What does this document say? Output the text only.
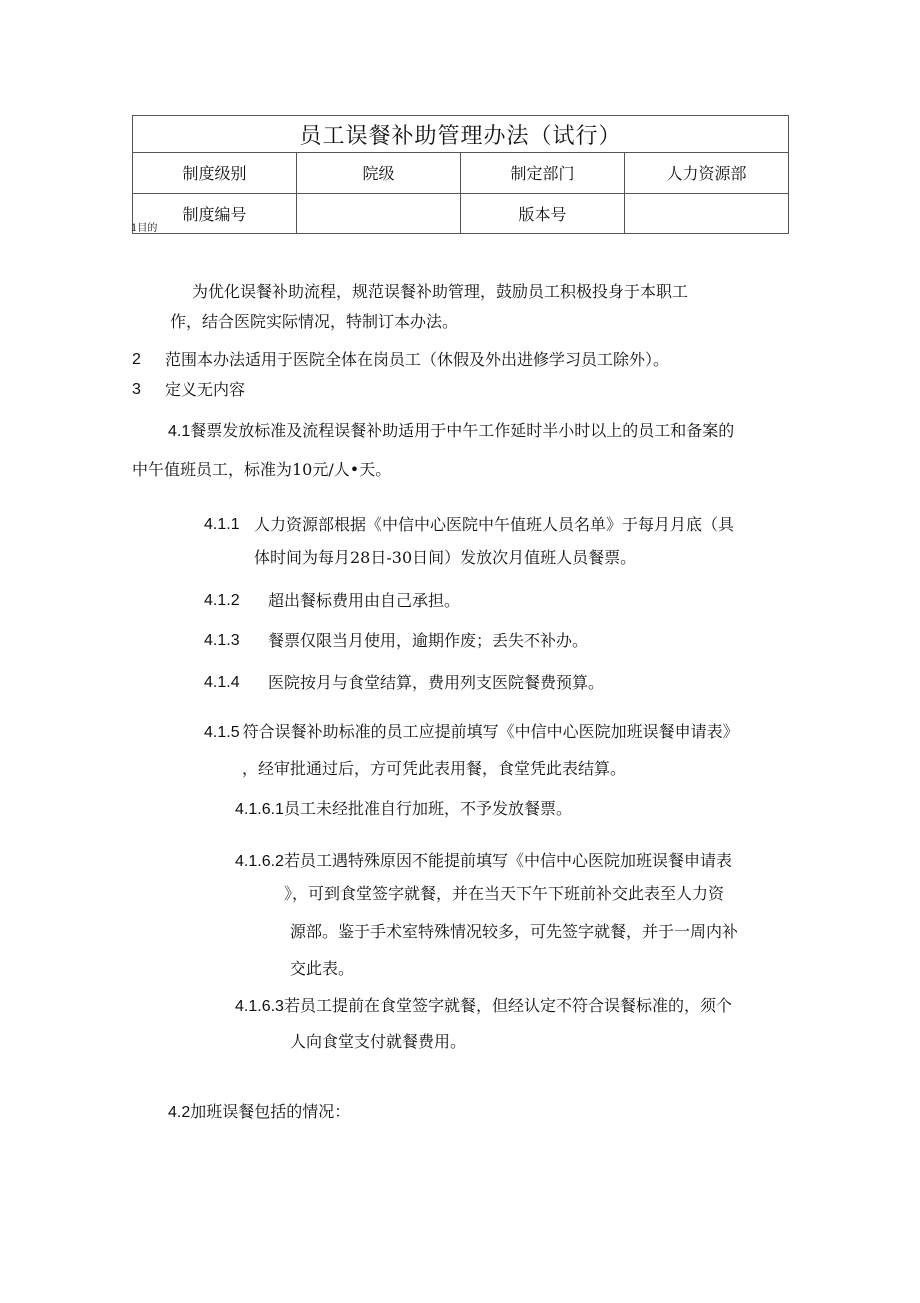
员工误餐补助管理办法（试行）			
制度级别	院级	制定部门	人力资源部
制度编号		版本号	
1目的
为优化误餐补助流程，规范误餐补助管理，鼓励员工积极投身于本职工
作，结合医院实际情况，特制订本办法。
2 范围本办法适用于医院全体在岗员工（休假及外出进修学习员工除外）。
3 定义无内容
4.1餐票发放标准及流程误餐补助适用于中午工作延时半小时以上的员工和备案的
中午值班员工，标准为10元/人•天。
4.1.1 人力资源部根据《中信中心医院中午值班人员名单》于每月月底（具
体时间为每月28日-30日间）发放次月值班人员餐票。
4.1.2 超出餐标费用由自己承担。
4.1.3 餐票仅限当月使用，逾期作废；丢失不补办。
4.1.4 医院按月与食堂结算，费用列支医院餐费预算。
4.1.5 符合误餐补助标准的员工应提前填写《中信中心医院加班误餐申请表》
，经审批通过后，方可凭此表用餐，食堂凭此表结算。
4.1.6.1员工未经批准自行加班，不予发放餐票。
4.1.6.2若员工遇特殊原因不能提前填写《中信中心医院加班误餐申请表
》，可到食堂签字就餐，并在当天下午下班前补交此表至人力资
源部。鉴于手术室特殊情况较多，可先签字就餐，并于一周内补
交此表。
4.1.6.3若员工提前在食堂签字就餐，但经认定不符合误餐标准的，须个
人向食堂支付就餐费用。
4.2加班误餐包括的情况：
